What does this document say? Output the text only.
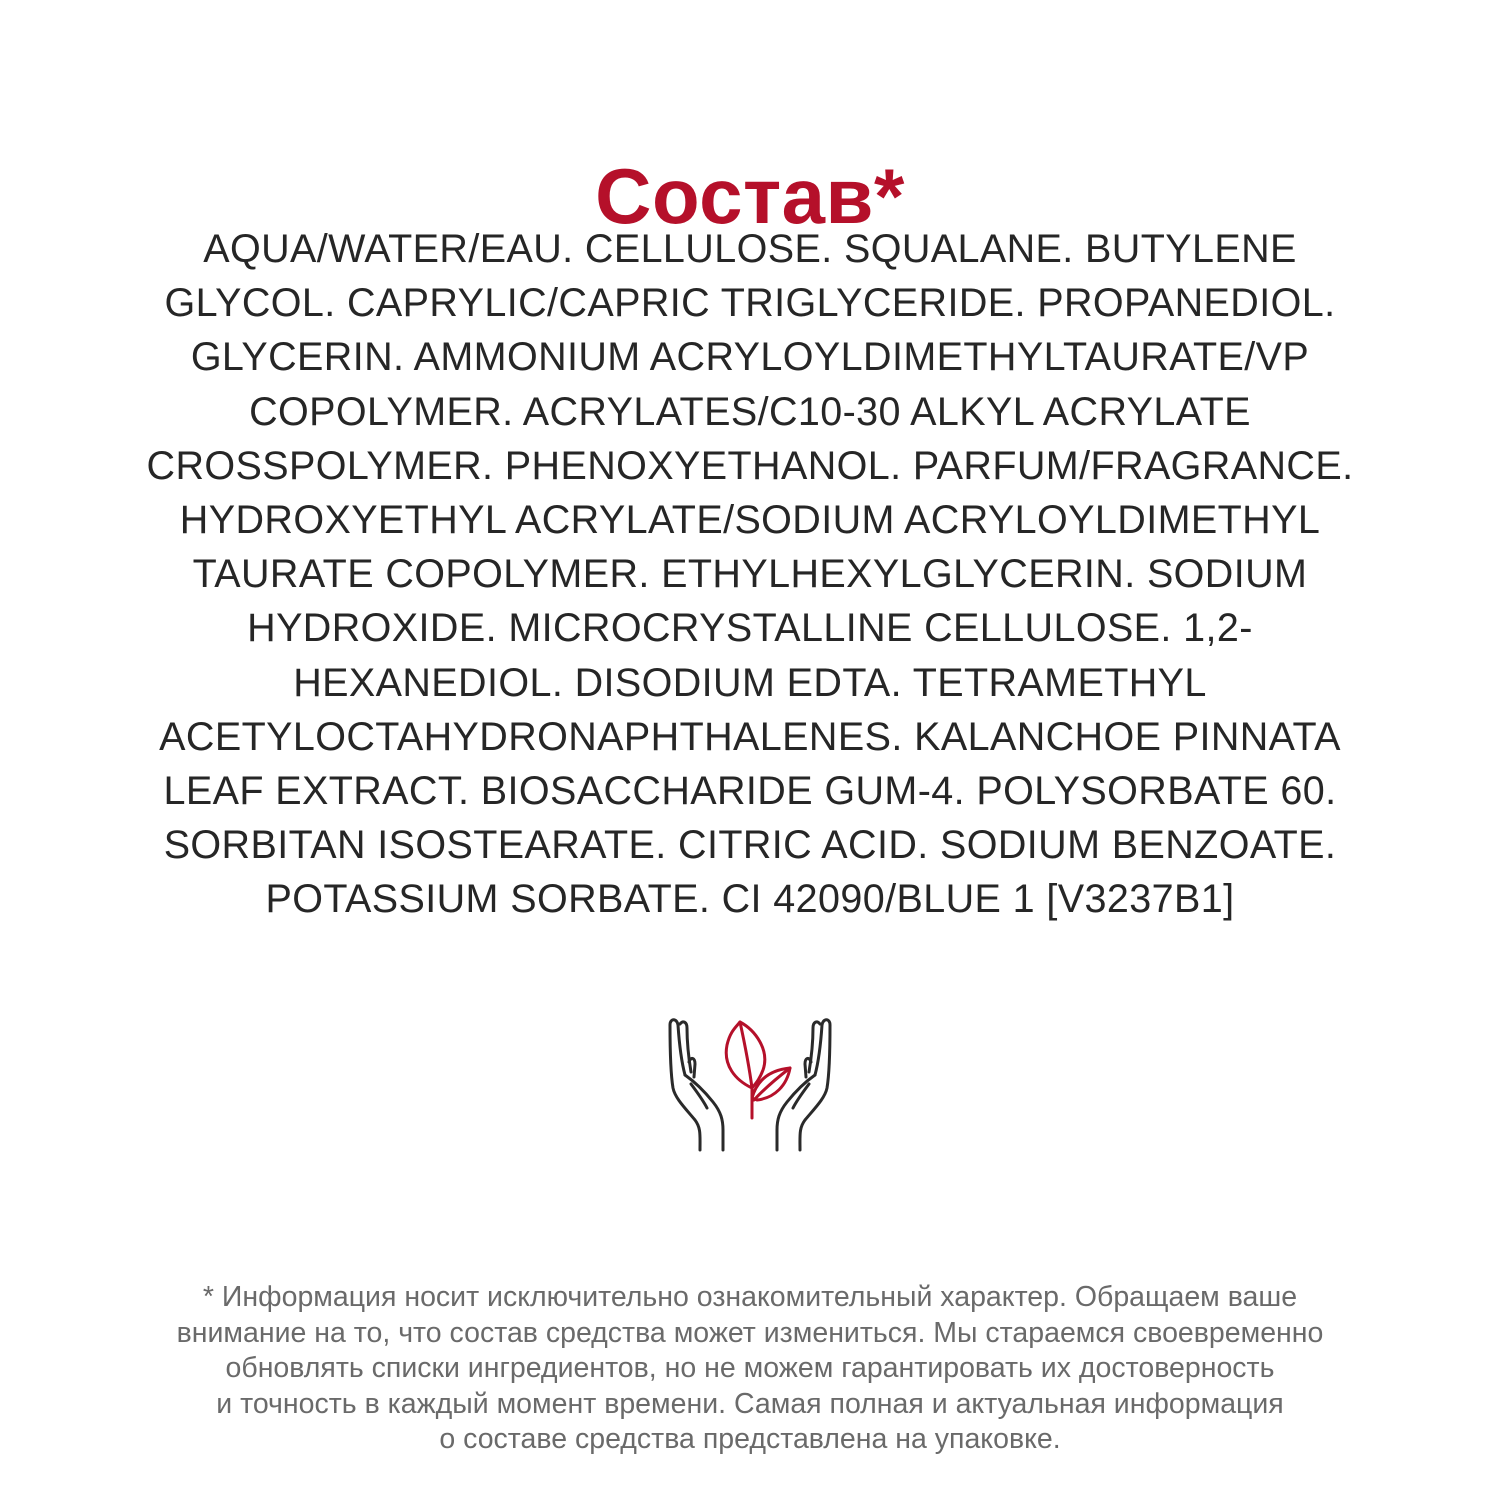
Состав*
AQUA/WATER/EAU. CELLULOSE. SQUALANE. BUTYLENE
GLYCOL. CAPRYLIC/CAPRIC TRIGLYCERIDE. PROPANEDIOL.
GLYCERIN. AMMONIUM ACRYLOYLDIMETHYLTAURATE/VP
COPOLYMER. ACRYLATES/C10-30 ALKYL ACRYLATE
CROSSPOLYMER. PHENOXYETHANOL. PARFUM/FRAGRANCE.
HYDROXYETHYL ACRYLATE/SODIUM ACRYLOYLDIMETHYL
TAURATE COPOLYMER. ETHYLHEXYLGLYCERIN. SODIUM
HYDROXIDE. MICROCRYSTALLINE CELLULOSE. 1,2-
HEXANEDIOL. DISODIUM EDTA. TETRAMETHYL
ACETYLOCTAHYDRONAPHTHALENES. KALANCHOE PINNATA
LEAF EXTRACT. BIOSACCHARIDE GUM-4. POLYSORBATE 60.
SORBITAN ISOSTEARATE. CITRIC ACID. SODIUM BENZOATE.
POTASSIUM SORBATE. CI 42090/BLUE 1 [V3237B1]
* Информация носит исключительно ознакомительный характер. Обращаем ваше
внимание на то, что состав средства может измениться. Мы стараемся своевременно
обновлять списки ингредиентов, но не можем гарантировать их достоверность
и точность в каждый момент времени. Самая полная и актуальная информация
о составе средства представлена на упаковке.
